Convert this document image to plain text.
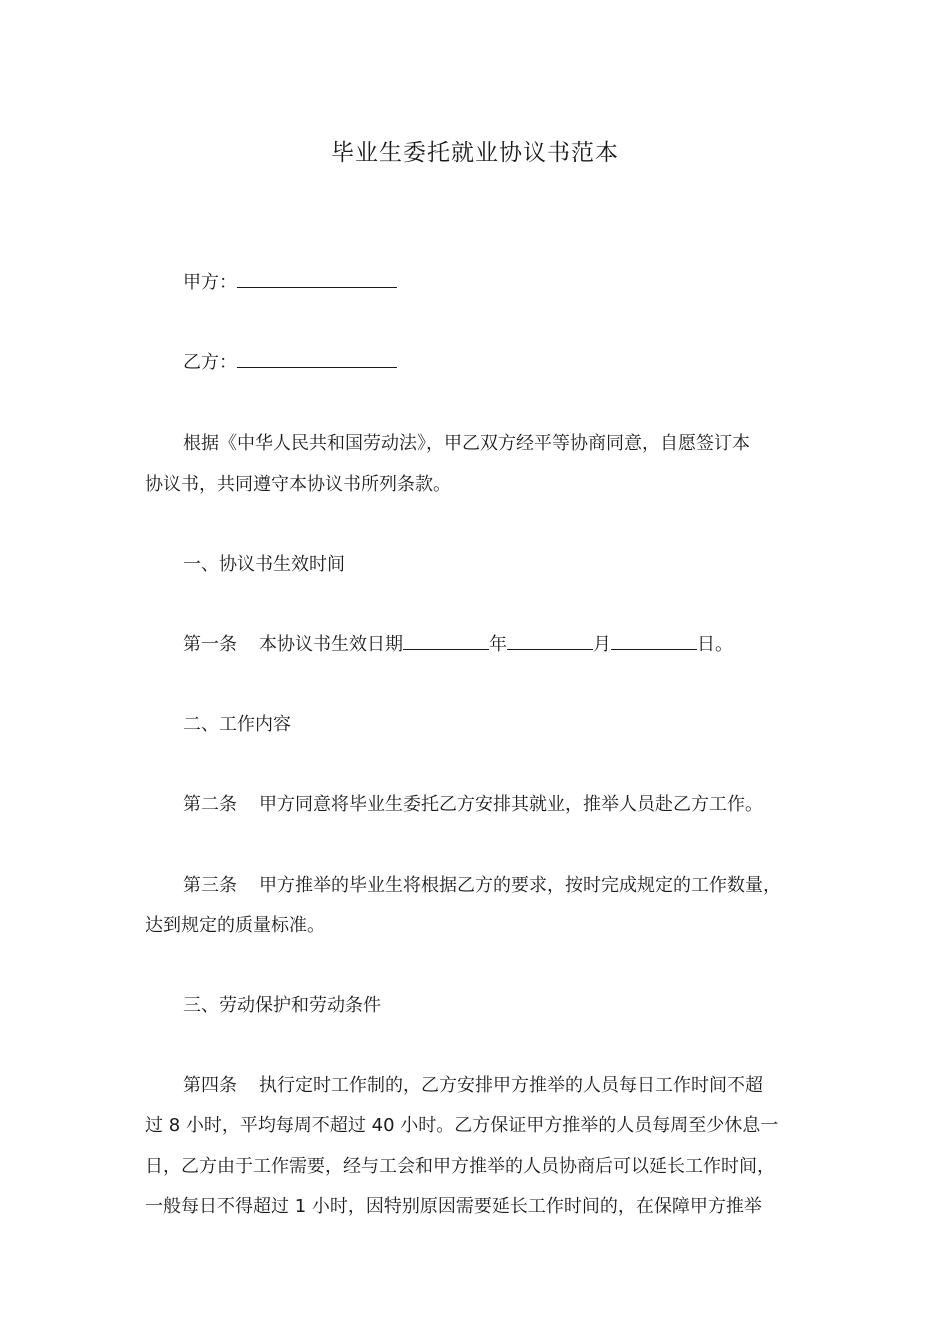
毕业生委托就业协议书范本
甲方：
乙方：
根据《中华人民共和国劳动法》，甲乙双方经平等协商同意，自愿签订本
协议书，共同遵守本协议书所列条款。
一、协议书生效时间
第一条 本协议书生效日期	年	月	日。
二、工作内容
第二条 甲方同意将毕业生委托乙方安排其就业，推举人员赴乙方工作。
第三条 甲方推举的毕业生将根据乙方的要求，按时完成规定的工作数量，
达到规定的质量标准。
三、劳动保护和劳动条件
第四条 执行定时工作制的，乙方安排甲方推举的人员每日工作时间不超
过 8 小时，平均每周不超过 40 小时。乙方保证甲方推举的人员每周至少休息一
日，乙方由于工作需要，经与工会和甲方推举的人员协商后可以延长工作时间，
一般每日不得超过 1 小时，因特别原因需要延长工作时间的，在保障甲方推举
